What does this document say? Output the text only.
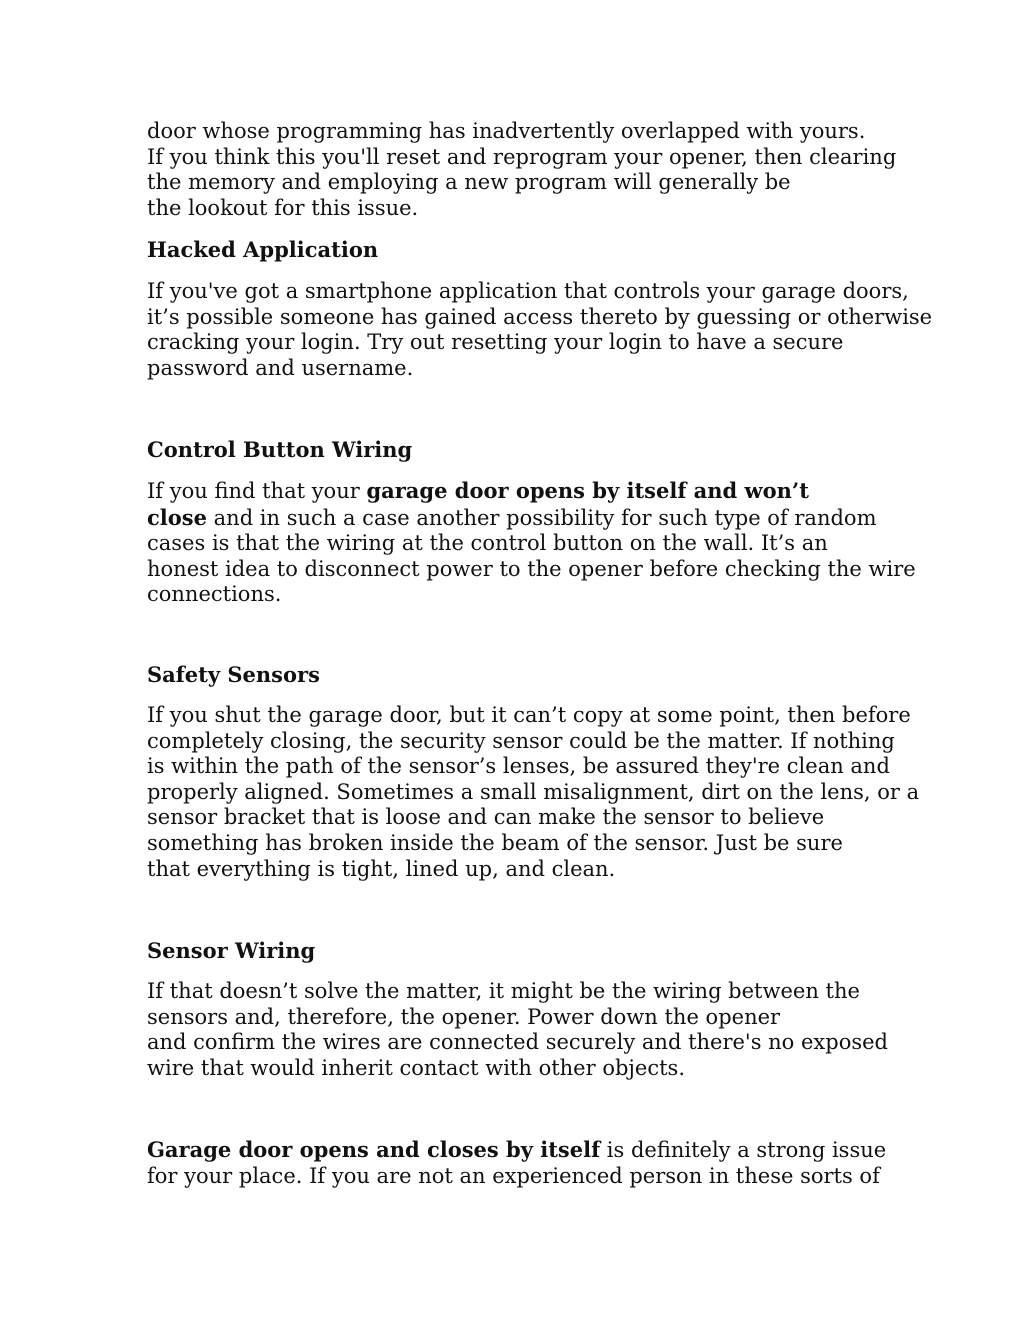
door whose programming has inadvertently overlapped with yours.
If you think this you'll reset and reprogram your opener, then clearing
the memory and employing a new program will generally be
the lookout for this issue.
Hacked Application
If you've got a smartphone application that controls your garage doors,
it’s possible someone has gained access thereto by guessing or otherwise
cracking your login. Try out resetting your login to have a secure
password and username.
Control Button Wiring
If you find that your garage door opens by itself and won’t
close and in such a case another possibility for such type of random
cases is that the wiring at the control button on the wall. It’s an
honest idea to disconnect power to the opener before checking the wire
connections.
Safety Sensors
If you shut the garage door, but it can’t copy at some point, then before
completely closing, the security sensor could be the matter. If nothing
is within the path of the sensor’s lenses, be assured they're clean and
properly aligned. Sometimes a small misalignment, dirt on the lens, or a
sensor bracket that is loose and can make the sensor to believe
something has broken inside the beam of the sensor. Just be sure
that everything is tight, lined up, and clean.
Sensor Wiring
If that doesn’t solve the matter, it might be the wiring between the
sensors and, therefore, the opener. Power down the opener
and confirm the wires are connected securely and there's no exposed
wire that would inherit contact with other objects.
Garage door opens and closes by itself is definitely a strong issue
for your place. If you are not an experienced person in these sorts of
